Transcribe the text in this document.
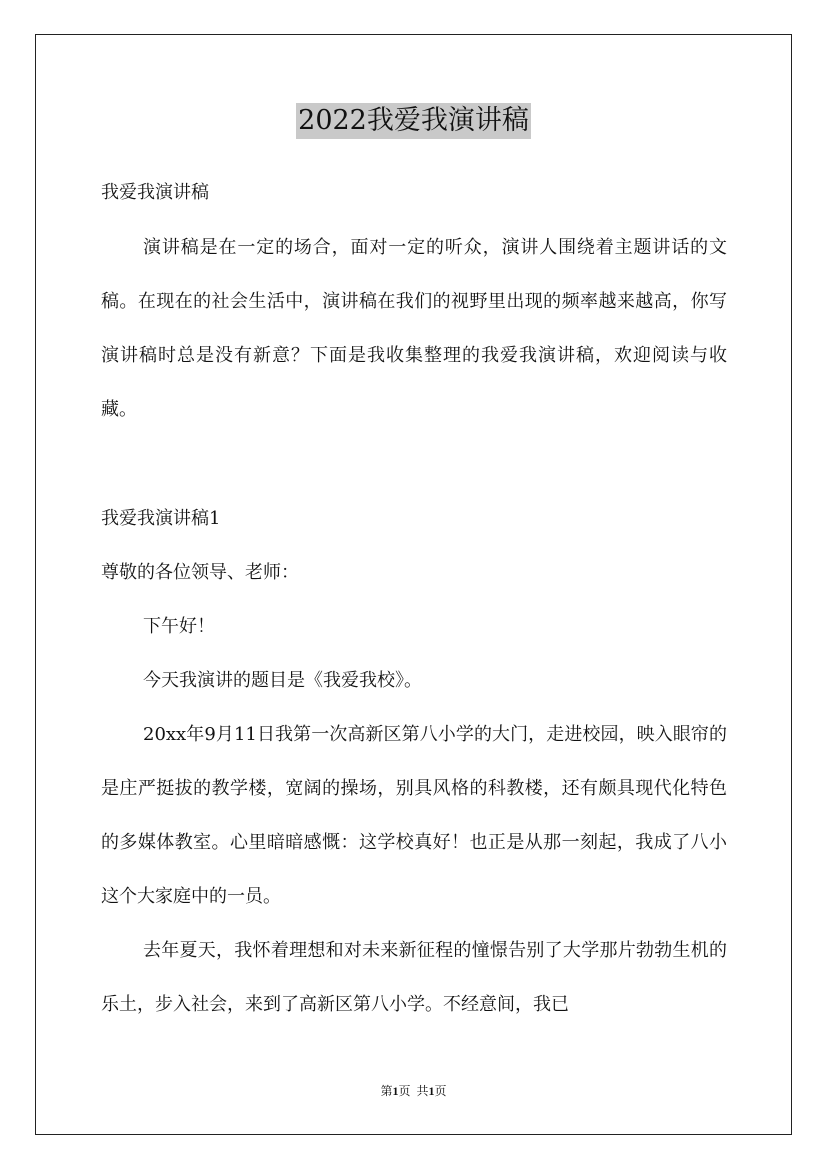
2022我爱我演讲稿

我爱我演讲稿

演讲稿是在一定的场合，面对一定的听众，演讲人围绕着主题讲话的文稿。在现在的社会生活中，演讲稿在我们的视野里出现的频率越来越高，你写演讲稿时总是没有新意？下面是我收集整理的我爱我演讲稿，欢迎阅读与收藏。

我爱我演讲稿1

尊敬的各位领导、老师：

下午好！

今天我演讲的题目是《我爱我校》。

20xx年9月11日我第一次高新区第八小学的大门，走进校园，映入眼帘的是庄严挺拔的教学楼，宽阔的操场，别具风格的科教楼，还有颇具现代化特色的多媒体教室。心里暗暗感慨：这学校真好！也正是从那一刻起，我成了八小这个大家庭中的一员。

去年夏天，我怀着理想和对未来新征程的憧憬告别了大学那片勃勃生机的乐土，步入社会，来到了高新区第八小学。不经意间，我已

第1页 共1页
